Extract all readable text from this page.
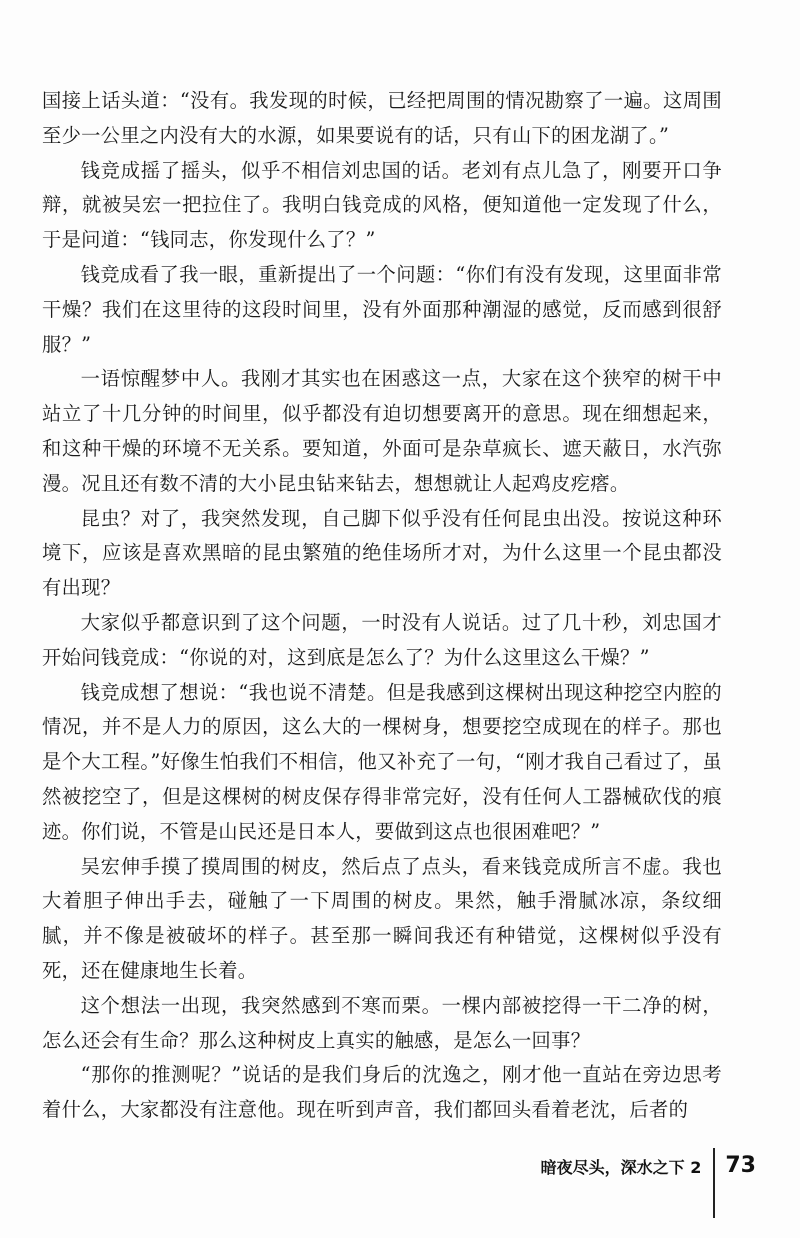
国接上话头道：“没有。我发现的时候，已经把周围的情况勘察了一遍。这周围至少一公里之内没有大的水源，如果要说有的话，只有山下的困龙湖了。”

钱竞成摇了摇头，似乎不相信刘忠国的话。老刘有点儿急了，刚要开口争辩，就被吴宏一把拉住了。我明白钱竞成的风格，便知道他一定发现了什么，于是问道：“钱同志，你发现什么了？”

钱竞成看了我一眼，重新提出了一个问题：“你们有没有发现，这里面非常干燥？我们在这里待的这段时间里，没有外面那种潮湿的感觉，反而感到很舒服？”

一语惊醒梦中人。我刚才其实也在困惑这一点，大家在这个狭窄的树干中站立了十几分钟的时间里，似乎都没有迫切想要离开的意思。现在细想起来，和这种干燥的环境不无关系。要知道，外面可是杂草疯长、遮天蔽日，水汽弥漫。况且还有数不清的大小昆虫钻来钻去，想想就让人起鸡皮疙瘩。

昆虫？对了，我突然发现，自己脚下似乎没有任何昆虫出没。按说这种环境下，应该是喜欢黑暗的昆虫繁殖的绝佳场所才对，为什么这里一个昆虫都没有出现？

大家似乎都意识到了这个问题，一时没有人说话。过了几十秒，刘忠国才开始问钱竞成：“你说的对，这到底是怎么了？为什么这里这么干燥？”

钱竞成想了想说：“我也说不清楚。但是我感到这棵树出现这种挖空内腔的情况，并不是人力的原因，这么大的一棵树身，想要挖空成现在的样子。那也是个大工程。”好像生怕我们不相信，他又补充了一句，“刚才我自己看过了，虽然被挖空了，但是这棵树的树皮保存得非常完好，没有任何人工器械砍伐的痕迹。你们说，不管是山民还是日本人，要做到这点也很困难吧？”

吴宏伸手摸了摸周围的树皮，然后点了点头，看来钱竞成所言不虚。我也大着胆子伸出手去，碰触了一下周围的树皮。果然，触手滑腻冰凉，条纹细腻，并不像是被破坏的样子。甚至那一瞬间我还有种错觉，这棵树似乎没有死，还在健康地生长着。

这个想法一出现，我突然感到不寒而栗。一棵内部被挖得一干二净的树，怎么还会有生命？那么这种树皮上真实的触感，是怎么一回事？

“那你的推测呢？”说话的是我们身后的沈逸之，刚才他一直站在旁边思考着什么，大家都没有注意他。现在听到声音，我们都回头看着老沈，后者的

暗夜尽头，深水之下 2 73
